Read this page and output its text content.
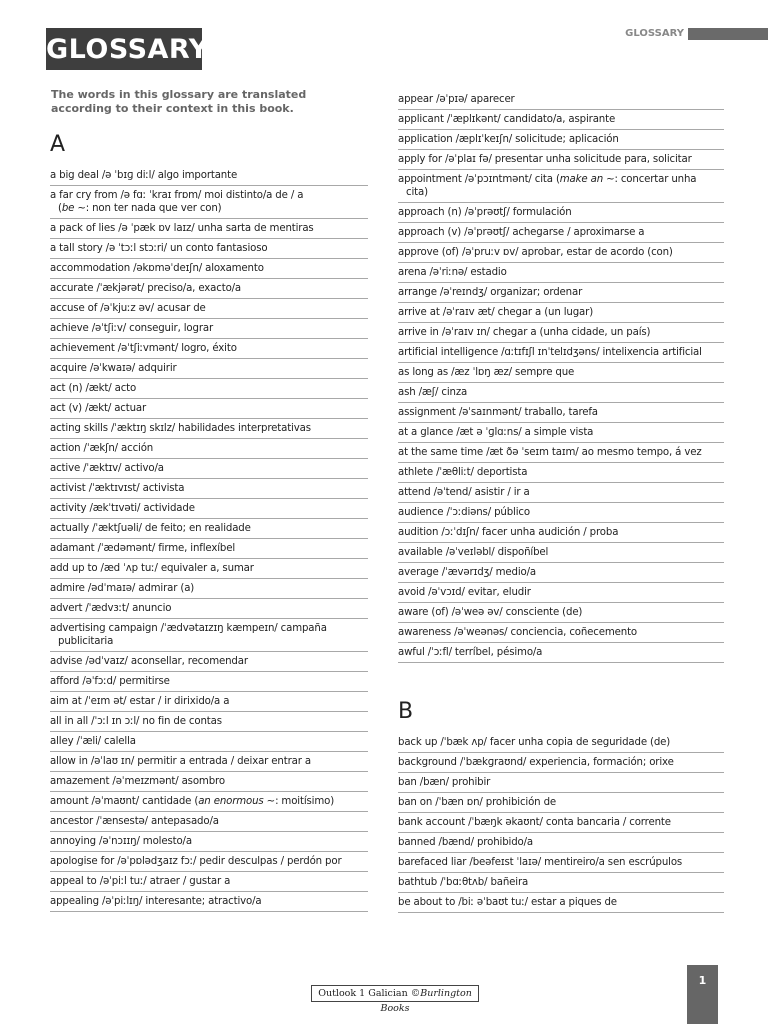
GLOSSARY
GLOSSARY
The words in this glossary are translated according to their context in this book.
A
a big deal /ə ˈbɪɡ diːl/ algo importante
a far cry from /ə fɑː ˈkraɪ frɒm/ moi distinto/a de / a
(be ~: non ter nada que ver con)
a pack of lies /ə ˈpæk ɒv laɪz/ unha sarta de mentiras
a tall story /ə ˈtɔːl stɔːri/ un conto fantasioso
accommodation /əkɒməˈdeɪʃn/ aloxamento
accurate /ˈækjərət/ preciso/a, exacto/a
accuse of /əˈkjuːz əv/ acusar de
achieve /əˈtʃiːv/ conseguir, lograr
achievement /əˈtʃiːvmənt/ logro, éxito
acquire /əˈkwaɪə/ adquirir
act (n) /ækt/ acto
act (v) /ækt/ actuar
acting skills /ˈæktɪŋ skɪlz/ habilidades interpretativas
action /ˈækʃn/ acción
active /ˈæktɪv/ activo/a
activist /ˈæktɪvɪst/ activista
activity /ækˈtɪvəti/ actividade
actually /ˈæktʃuəli/ de feito; en realidade
adamant /ˈædəmənt/ firme, inflexíbel
add up to /æd ˈʌp tuː/ equivaler a, sumar
admire /ədˈmaɪə/ admirar (a)
advert /ˈædvɜːt/ anuncio
advertising campaign /ˈædvətaɪzɪŋ kæmpeɪn/ campaña
publicitaria
advise /ədˈvaɪz/ aconsellar, recomendar
afford /əˈfɔːd/ permitirse
aim at /ˈeɪm ət/ estar / ir dirixido/a a
all in all /ˈɔːl ɪn ɔːl/ no fin de contas
alley /ˈæli/ calella
allow in /əˈlaʊ ɪn/ permitir a entrada / deixar entrar a
amazement /əˈmeɪzmənt/ asombro
amount /əˈmaʊnt/ cantidade (an enormous ~: moitísimo)
ancestor /ˈænsestə/ antepasado/a
annoying /əˈnɔɪɪŋ/ molesto/a
apologise for /əˈpɒlədʒaɪz fɔː/ pedir desculpas / perdón por
appeal to /əˈpiːl tuː/ atraer / gustar a
appealing /əˈpiːlɪŋ/ interesante; atractivo/a
appear /əˈpɪə/ aparecer
applicant /ˈæplɪkənt/ candidato/a, aspirante
application /æplɪˈkeɪʃn/ solicitude; aplicación
apply for /əˈplaɪ fə/ presentar unha solicitude para, solicitar
appointment /əˈpɔɪntmənt/ cita (make an ~: concertar unha
cita)
approach (n) /əˈprəʊtʃ/ formulación
approach (v) /əˈprəʊtʃ/ achegarse / aproximarse a
approve (of) /əˈpruːv ɒv/ aprobar, estar de acordo (con)
arena /əˈriːnə/ estadio
arrange /əˈreɪndʒ/ organizar; ordenar
arrive at /əˈraɪv æt/ chegar a (un lugar)
arrive in /əˈraɪv ɪn/ chegar a (unha cidade, un país)
artificial intelligence /ɑːtɪfɪʃl ɪnˈtelɪdʒəns/ intelixencia artificial
as long as /æz ˈlɒŋ æz/ sempre que
ash /æʃ/ cinza
assignment /əˈsaɪnmənt/ traballo, tarefa
at a glance /æt ə ˈɡlɑːns/ a simple vista
at the same time /æt ðə ˈseɪm taɪm/ ao mesmo tempo, á vez
athlete /ˈæθliːt/ deportista
attend /əˈtend/ asistir / ir a
audience /ˈɔːdiəns/ público
audition /ɔːˈdɪʃn/ facer unha audición / proba
available /əˈveɪləbl/ dispoñíbel
average /ˈævərɪdʒ/ medio/a
avoid /əˈvɔɪd/ evitar, eludir
aware (of) /əˈweə əv/ consciente (de)
awareness /əˈweənəs/ conciencia, coñecemento
awful /ˈɔːfl/ terríbel, pésimo/a
B
back up /ˈbæk ʌp/ facer unha copia de seguridade (de)
background /ˈbækɡraʊnd/ experiencia, formación; orixe
ban /bæn/ prohibir
ban on /ˈbæn ɒn/ prohibición de
bank account /ˈbæŋk əkaʊnt/ conta bancaria / corrente
banned /bænd/ prohibido/a
barefaced liar /beəfeɪst ˈlaɪə/ mentireiro/a sen escrúpulos
bathtub /ˈbɑːθtʌb/ bañeira
be about to /biː əˈbaʊt tuː/ estar a piques de
Outlook 1 Galician ©Burlington Books
1
